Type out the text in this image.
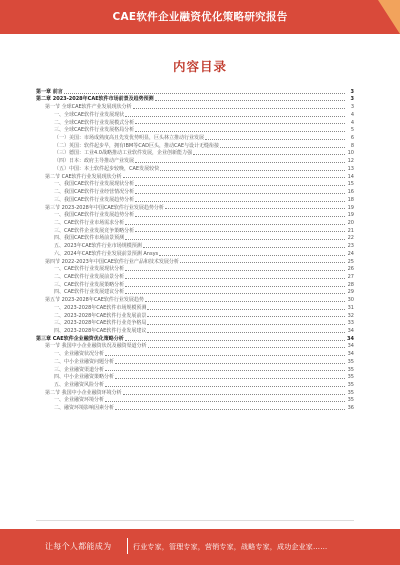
CAE软件企业融资优化策略研究报告
内容目录
第一章 前言	3
第二章 2023-2028年CAE软件市场前景及趋势预测	3
第一节 全球CAE软件产业发展现状分析	3
一、全球CAE软件行业发展现状	4
二、全球CAE软件行业发展模式分析	4
三、全球CAE软件行业发展格局分析	5
（一）美国：市场成熟度高且先发优势明显，巨头林立推动行业发展	6
（二）英国：软件起步早，拥有IBM等CAD巨头，推动CAE与设计无缝衔接	8
（三）德国：工业4.0战略推动工业软件发展，企业创新能力强	10
（四）日本：政府主导推动产业发展	12
（五）中国：本土软件起步较晚，CAE发展较快	13
第二节 CAE软件行业发展现状分析	14
一、我国CAE软件行业发展现状分析	15
二、我国CAE软件行业经营情况分析	16
三、我国CAE软件行业发展趋势分析	18
第三节 2023-2028年中国CAE软件行业发展趋势分析	19
一、我国CAE软件行业发展趋势分析	19
二、CAE软件行业市场需求分析	20
三、CAE软件企业发展竞争策略分析	21
四、我国CAE软件市场前景预测	22
五、2023年CAE软件行业市场规模预测	23
六、2024年CAE软件行业发展前景预测 Ansys	24
第四节 2022-2023年中国CAE软件行业产品和技术发展分析	25
一、CAE软件行业发展现状分析	26
二、CAE软件行业发展前景分析	27
三、CAE软件行业发展策略分析	28
四、CAE软件行业发展建议分析	29
第五节 2023-2028年CAE软件行业发展趋势	30
一、2023-2028年CAE软件市场规模预测	31
二、2023-2028年CAE软件行业发展前景	32
三、2023-2028年CAE软件行业竞争格局	33
四、2023-2028年CAE软件行业发展建议	34
第三章 CAE软件企业融资优化策略分析	34
第一节 我国中小企业融资状况及融资渠道分析	34
一、企业融资状况分析	34
二、中小企业融资问题分析	35
三、企业融资渠道分析	35
四、中小企业融资策略分析	35
五、企业融资风险分析	35
第二节 我国中小企业融资环境分析	35
一、企业融资环境分析	35
二、融资环境影响因素分析	36
让每个人都能成为	行业专家，管理专家，营销专家，战略专家，成功企业家……
